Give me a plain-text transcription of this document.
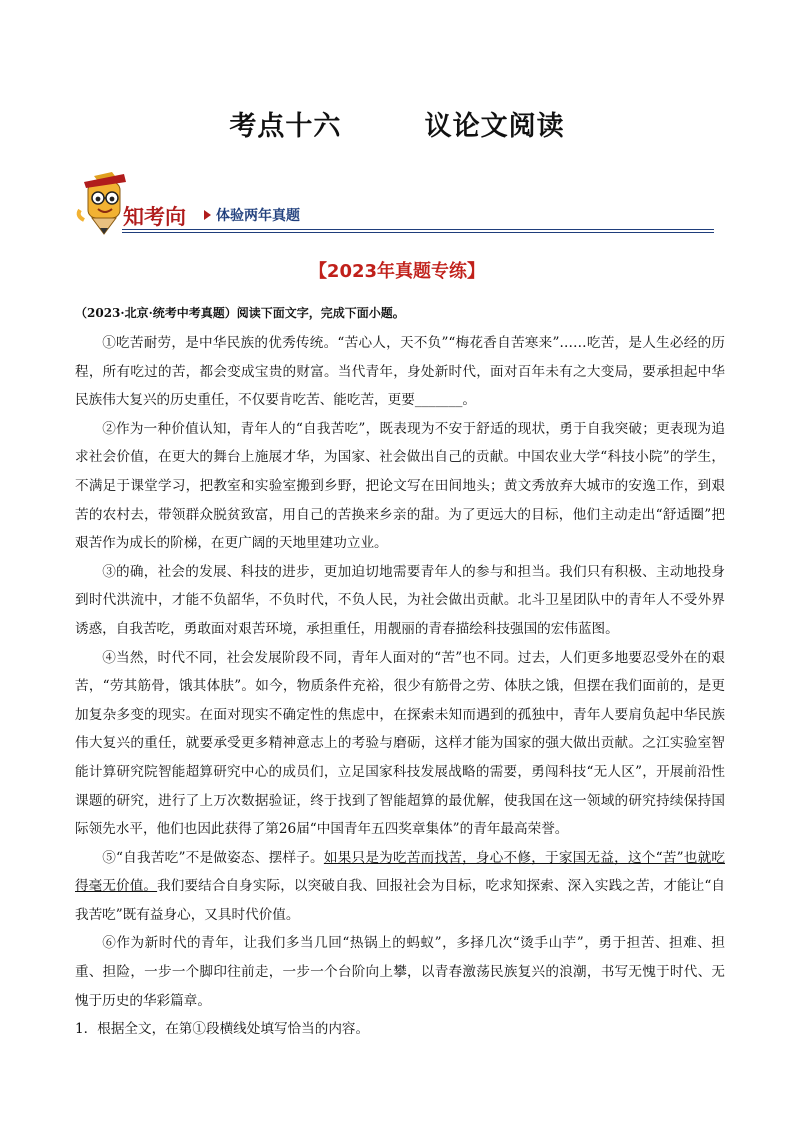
考点十六        议论文阅读
知考向 体验两年真题
【2023年真题专练】

（2023·北京·统考中考真题）阅读下面文字，完成下面小题。

①吃苦耐劳，是中华民族的优秀传统。“苦心人，天不负”“梅花香自苦寒来”……吃苦，是人生必经的历程，所有吃过的苦，都会变成宝贵的财富。当代青年，身处新时代，面对百年未有之大变局，要承担起中华民族伟大复兴的历史重任，不仅要肯吃苦、能吃苦，更要_______。

②作为一种价值认知，青年人的“自我苦吃”，既表现为不安于舒适的现状，勇于自我突破；更表现为追求社会价值，在更大的舞台上施展才华，为国家、社会做出自己的贡献。中国农业大学“科技小院”的学生，不满足于课堂学习，把教室和实验室搬到乡野，把论文写在田间地头；黄文秀放弃大城市的安逸工作，到艰苦的农村去，带领群众脱贫致富，用自己的苦换来乡亲的甜。为了更远大的目标，他们主动走出“舒适圈”把艰苦作为成长的阶梯，在更广阔的天地里建功立业。

③的确，社会的发展、科技的进步，更加迫切地需要青年人的参与和担当。我们只有积极、主动地投身到时代洪流中，才能不负韶华，不负时代，不负人民，为社会做出贡献。北斗卫星团队中的青年人不受外界诱惑，自我苦吃，勇敢面对艰苦环境，承担重任，用靓丽的青春描绘科技强国的宏伟蓝图。

④当然，时代不同，社会发展阶段不同，青年人面对的“苦”也不同。过去，人们更多地要忍受外在的艰苦，“劳其筋骨，饿其体肤”。如今，物质条件充裕，很少有筋骨之劳、体肤之饿，但摆在我们面前的，是更加复杂多变的现实。在面对现实不确定性的焦虑中，在探索未知而遇到的孤独中，青年人要肩负起中华民族伟大复兴的重任，就要承受更多精神意志上的考验与磨砺，这样才能为国家的强大做出贡献。之江实验室智能计算研究院智能超算研究中心的成员们，立足国家科技发展战略的需要，勇闯科技“无人区”，开展前沿性课题的研究，进行了上万次数据验证，终于找到了智能超算的最优解，使我国在这一领域的研究持续保持国际领先水平，他们也因此获得了第26届“中国青年五四奖章集体”的青年最高荣誉。

⑤“自我苦吃”不是做姿态、摆样子。如果只是为吃苦而找苦，身心不修，于家国无益，这个“苦”也就吃得毫无价值。我们要结合自身实际，以突破自我、回报社会为目标，吃求知探索、深入实践之苦，才能让“自我苦吃”既有益身心，又具时代价值。

⑥作为新时代的青年，让我们多当几回“热锅上的蚂蚁”，多择几次“烫手山芋”，勇于担苦、担难、担重、担险，一步一个脚印往前走，一步一个台阶向上攀，以青春激荡民族复兴的浪潮，书写无愧于时代、无愧于历史的华彩篇章。

1．根据全文，在第①段横线处填写恰当的内容。
